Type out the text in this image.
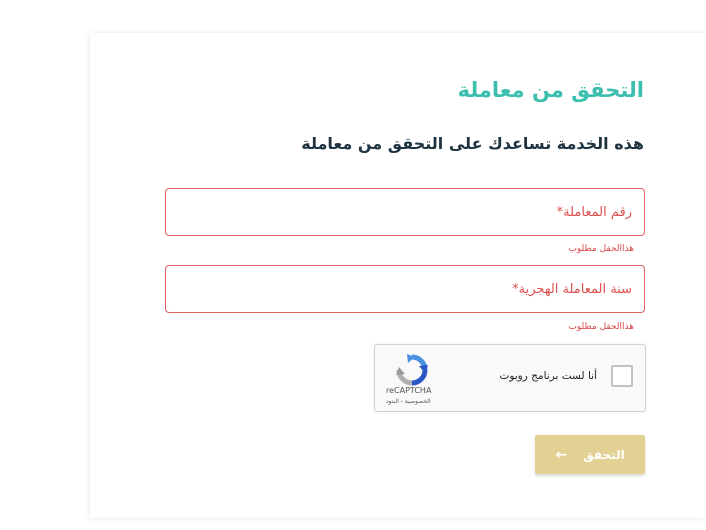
التحقق من معاملة
هذه الخدمة تساعدك على التحقق من معاملة
رقم المعاملة*
هذاالحقل مطلوب
سنة المعاملة الهجرية*
هذاالحقل مطلوب
أنا لست برنامج روبوت
reCAPTCHA
الخصوصية - البنود
التحقق
←
